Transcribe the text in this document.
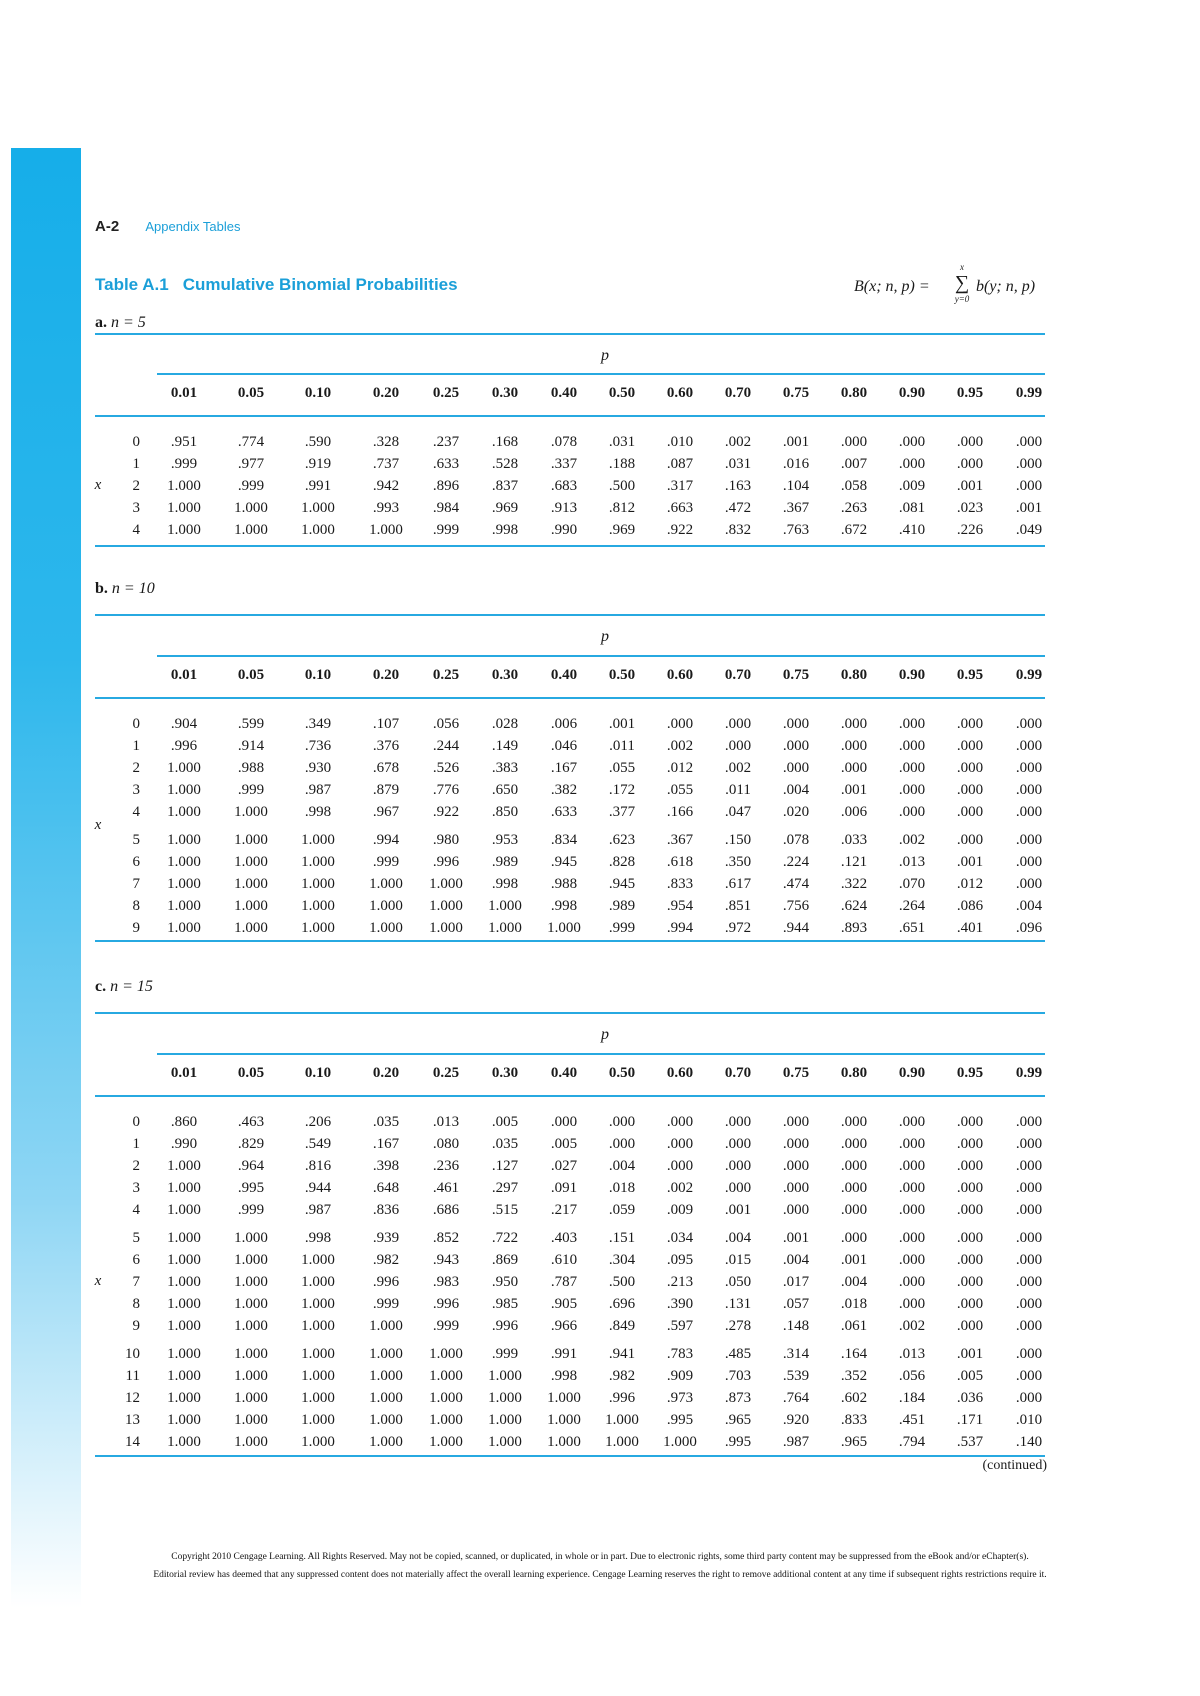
A-2 Appendix Tables
Table A.1 Cumulative Binomial Probabilities	B(x; n, p) = ∑
x
y=0
b(y; n, p)
a. n = 5
p
0.01	0.05	0.10	0.20	0.25	0.30	0.40	0.50	0.60	0.70	0.75	0.80	0.90	0.95	0.99
x
0	.951	.774	.590	.328	.237	.168	.078	.031	.010	.002	.001	.000	.000	.000	.000
1	.999	.977	.919	.737	.633	.528	.337	.188	.087	.031	.016	.007	.000	.000	.000
2	1.000	.999	.991	.942	.896	.837	.683	.500	.317	.163	.104	.058	.009	.001	.000
3	1.000	1.000	1.000	.993	.984	.969	.913	.812	.663	.472	.367	.263	.081	.023	.001
4	1.000	1.000	1.000	1.000	.999	.998	.990	.969	.922	.832	.763	.672	.410	.226	.049
b. n = 10
p
0.01	0.05	0.10	0.20	0.25	0.30	0.40	0.50	0.60	0.70	0.75	0.80	0.90	0.95	0.99
x
0	.904	.599	.349	.107	.056	.028	.006	.001	.000	.000	.000	.000	.000	.000	.000
1	.996	.914	.736	.376	.244	.149	.046	.011	.002	.000	.000	.000	.000	.000	.000
2	1.000	.988	.930	.678	.526	.383	.167	.055	.012	.002	.000	.000	.000	.000	.000
3	1.000	.999	.987	.879	.776	.650	.382	.172	.055	.011	.004	.001	.000	.000	.000
4	1.000	1.000	.998	.967	.922	.850	.633	.377	.166	.047	.020	.006	.000	.000	.000
5	1.000	1.000	1.000	.994	.980	.953	.834	.623	.367	.150	.078	.033	.002	.000	.000
6	1.000	1.000	1.000	.999	.996	.989	.945	.828	.618	.350	.224	.121	.013	.001	.000
7	1.000	1.000	1.000	1.000	1.000	.998	.988	.945	.833	.617	.474	.322	.070	.012	.000
8	1.000	1.000	1.000	1.000	1.000	1.000	.998	.989	.954	.851	.756	.624	.264	.086	.004
9	1.000	1.000	1.000	1.000	1.000	1.000	1.000	.999	.994	.972	.944	.893	.651	.401	.096
c. n = 15
p
0.01	0.05	0.10	0.20	0.25	0.30	0.40	0.50	0.60	0.70	0.75	0.80	0.90	0.95	0.99
x
0	.860	.463	.206	.035	.013	.005	.000	.000	.000	.000	.000	.000	.000	.000	.000
1	.990	.829	.549	.167	.080	.035	.005	.000	.000	.000	.000	.000	.000	.000	.000
2	1.000	.964	.816	.398	.236	.127	.027	.004	.000	.000	.000	.000	.000	.000	.000
3	1.000	.995	.944	.648	.461	.297	.091	.018	.002	.000	.000	.000	.000	.000	.000
4	1.000	.999	.987	.836	.686	.515	.217	.059	.009	.001	.000	.000	.000	.000	.000
5	1.000	1.000	.998	.939	.852	.722	.403	.151	.034	.004	.001	.000	.000	.000	.000
6	1.000	1.000	1.000	.982	.943	.869	.610	.304	.095	.015	.004	.001	.000	.000	.000
7	1.000	1.000	1.000	.996	.983	.950	.787	.500	.213	.050	.017	.004	.000	.000	.000
8	1.000	1.000	1.000	.999	.996	.985	.905	.696	.390	.131	.057	.018	.000	.000	.000
9	1.000	1.000	1.000	1.000	.999	.996	.966	.849	.597	.278	.148	.061	.002	.000	.000
10	1.000	1.000	1.000	1.000	1.000	.999	.991	.941	.783	.485	.314	.164	.013	.001	.000
11	1.000	1.000	1.000	1.000	1.000	1.000	.998	.982	.909	.703	.539	.352	.056	.005	.000
12	1.000	1.000	1.000	1.000	1.000	1.000	1.000	.996	.973	.873	.764	.602	.184	.036	.000
13	1.000	1.000	1.000	1.000	1.000	1.000	1.000	1.000	.995	.965	.920	.833	.451	.171	.010
14	1.000	1.000	1.000	1.000	1.000	1.000	1.000	1.000	1.000	.995	.987	.965	.794	.537	.140
(continued)
Copyright 2010 Cengage Learning. All Rights Reserved. May not be copied, scanned, or duplicated, in whole or in part. Due to electronic rights, some third party content may be suppressed from the eBook and/or eChapter(s).
Editorial review has deemed that any suppressed content does not materially affect the overall learning experience. Cengage Learning reserves the right to remove additional content at any time if subsequent rights restrictions require it.
